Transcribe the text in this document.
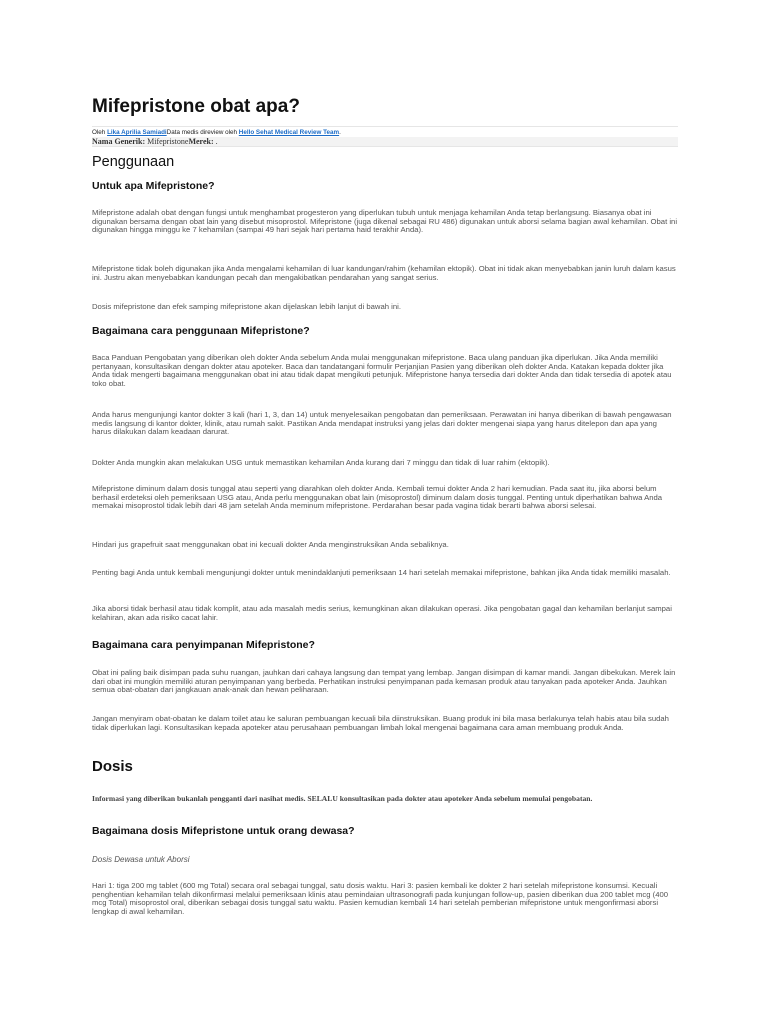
Mifepristone obat apa?
Oleh Lika Aprilia SamiadiData medis direview oleh Hello Sehat Medical Review Team.
Nama Generik: MifepristoneMerek: .
Penggunaan
Untuk apa Mifepristone?

Mifepristone adalah obat dengan fungsi untuk menghambat progesteron yang diperlukan tubuh untuk menjaga kehamilan Anda tetap berlangsung. Biasanya obat ini digunakan bersama dengan obat lain yang disebut misoprostol. Mifepristone (juga dikenal sebagai RU 486) digunakan untuk aborsi selama bagian awal kehamilan. Obat ini digunakan hingga minggu ke 7 kehamilan (sampai 49 hari sejak hari pertama haid terakhir Anda).

Mifepristone tidak boleh digunakan jika Anda mengalami kehamilan di luar kandungan/rahim (kehamilan ektopik). Obat ini tidak akan menyebabkan janin luruh dalam kasus ini. Justru akan menyebabkan kandungan pecah dan mengakibatkan pendarahan yang sangat serius.

Dosis mifepristone dan efek samping mifepristone akan dijelaskan lebih lanjut di bawah ini.

Bagaimana cara penggunaan Mifepristone?

Baca Panduan Pengobatan yang diberikan oleh dokter Anda sebelum Anda mulai menggunakan mifepristone. Baca ulang panduan jika diperlukan. Jika Anda memiliki pertanyaan, konsultasikan dengan dokter atau apoteker. Baca dan tandatangani formulir Perjanjian Pasien yang diberikan oleh dokter Anda. Katakan kepada dokter jika Anda tidak mengerti bagaimana menggunakan obat ini atau tidak dapat mengikuti petunjuk. Mifepristone hanya tersedia dari dokter Anda dan tidak tersedia di apotek atau toko obat.

Anda harus mengunjungi kantor dokter 3 kali (hari 1, 3, dan 14) untuk menyelesaikan pengobatan dan pemeriksaan. Perawatan ini hanya diberikan di bawah pengawasan medis langsung di kantor dokter, klinik, atau rumah sakit. Pastikan Anda mendapat instruksi yang jelas dari dokter mengenai siapa yang harus ditelepon dan apa yang harus dilakukan dalam keadaan darurat.

Dokter Anda mungkin akan melakukan USG untuk memastikan kehamilan Anda kurang dari 7 minggu dan tidak di luar rahim (ektopik).

Mifepristone diminum dalam dosis tunggal atau seperti yang diarahkan oleh dokter Anda. Kembali temui dokter Anda 2 hari kemudian. Pada saat itu, jika aborsi belum berhasil erdeteksi oleh pemeriksaan USG atau, Anda perlu menggunakan obat lain (misoprostol) diminum dalam dosis tunggal. Penting untuk diperhatikan bahwa Anda memakai misoprostol tidak lebih dari 48 jam setelah Anda meminum mifepristone. Perdarahan besar pada vagina tidak berarti bahwa aborsi selesai.

Hindari jus grapefruit saat menggunakan obat ini kecuali dokter Anda menginstruksikan Anda sebaliknya.

Penting bagi Anda untuk kembali mengunjungi dokter untuk menindaklanjuti pemeriksaan 14 hari setelah memakai mifepristone, bahkan jika Anda tidak memiliki masalah.

Jika aborsi tidak berhasil atau tidak komplit, atau ada masalah medis serius, kemungkinan akan dilakukan operasi. Jika pengobatan gagal dan kehamilan berlanjut sampai kelahiran, akan ada risiko cacat lahir.

Bagaimana cara penyimpanan Mifepristone?

Obat ini paling baik disimpan pada suhu ruangan, jauhkan dari cahaya langsung dan tempat yang lembap. Jangan disimpan di kamar mandi. Jangan dibekukan. Merek lain dari obat ini mungkin memiliki aturan penyimpanan yang berbeda. Perhatikan instruksi penyimpanan pada kemasan produk atau tanyakan pada apoteker Anda. Jauhkan semua obat-obatan dari jangkauan anak-anak dan hewan peliharaan.

Jangan menyiram obat-obatan ke dalam toilet atau ke saluran pembuangan kecuali bila diinstruksikan. Buang produk ini bila masa berlakunya telah habis atau bila sudah tidak diperlukan lagi. Konsultasikan kepada apoteker atau perusahaan pembuangan limbah lokal mengenai bagaimana cara aman membuang produk Anda.

Dosis

Informasi yang diberikan bukanlah pengganti dari nasihat medis. SELALU konsultasikan pada dokter atau apoteker Anda sebelum memulai pengobatan.

Bagaimana dosis Mifepristone untuk orang dewasa?

Dosis Dewasa untuk Aborsi

Hari 1: tiga 200 mg tablet (600 mg Total) secara oral sebagai tunggal, satu dosis waktu. Hari 3: pasien kembali ke dokter 2 hari setelah mifepristone konsumsi. Kecuali penghentian kehamilan telah dikonfirmasi melalui pemeriksaan klinis atau pemindaian ultrasonografi pada kunjungan follow-up, pasien diberikan dua 200 tablet mcg (400 mcg Total) misoprostol oral, diberikan sebagai dosis tunggal satu waktu. Pasien kemudian kembali 14 hari setelah pemberian mifepristone untuk mengonfirmasi aborsi lengkap di awal kehamilan.
